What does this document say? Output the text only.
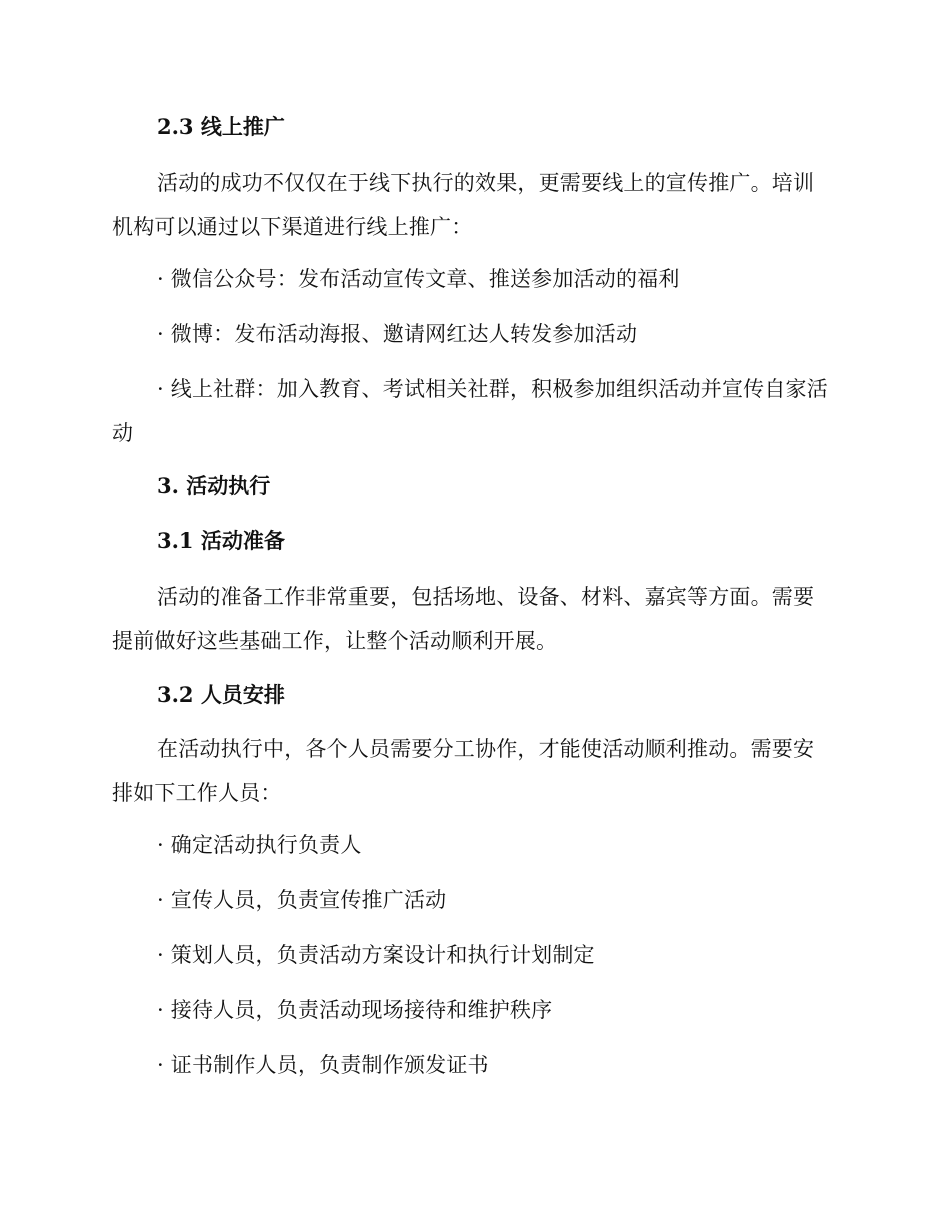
2.3 线上推广
活动的成功不仅仅在于线下执行的效果，更需要线上的宣传推广。培训机构可以通过以下渠道进行线上推广：
· 微信公众号：发布活动宣传文章、推送参加活动的福利
· 微博：发布活动海报、邀请网红达人转发参加活动
· 线上社群：加入教育、考试相关社群，积极参加组织活动并宣传自家活动
3. 活动执行
3.1 活动准备
活动的准备工作非常重要，包括场地、设备、材料、嘉宾等方面。需要提前做好这些基础工作，让整个活动顺利开展。
3.2 人员安排
在活动执行中，各个人员需要分工协作，才能使活动顺利推动。需要安排如下工作人员：
· 确定活动执行负责人
· 宣传人员，负责宣传推广活动
· 策划人员，负责活动方案设计和执行计划制定
· 接待人员，负责活动现场接待和维护秩序
· 证书制作人员，负责制作颁发证书
